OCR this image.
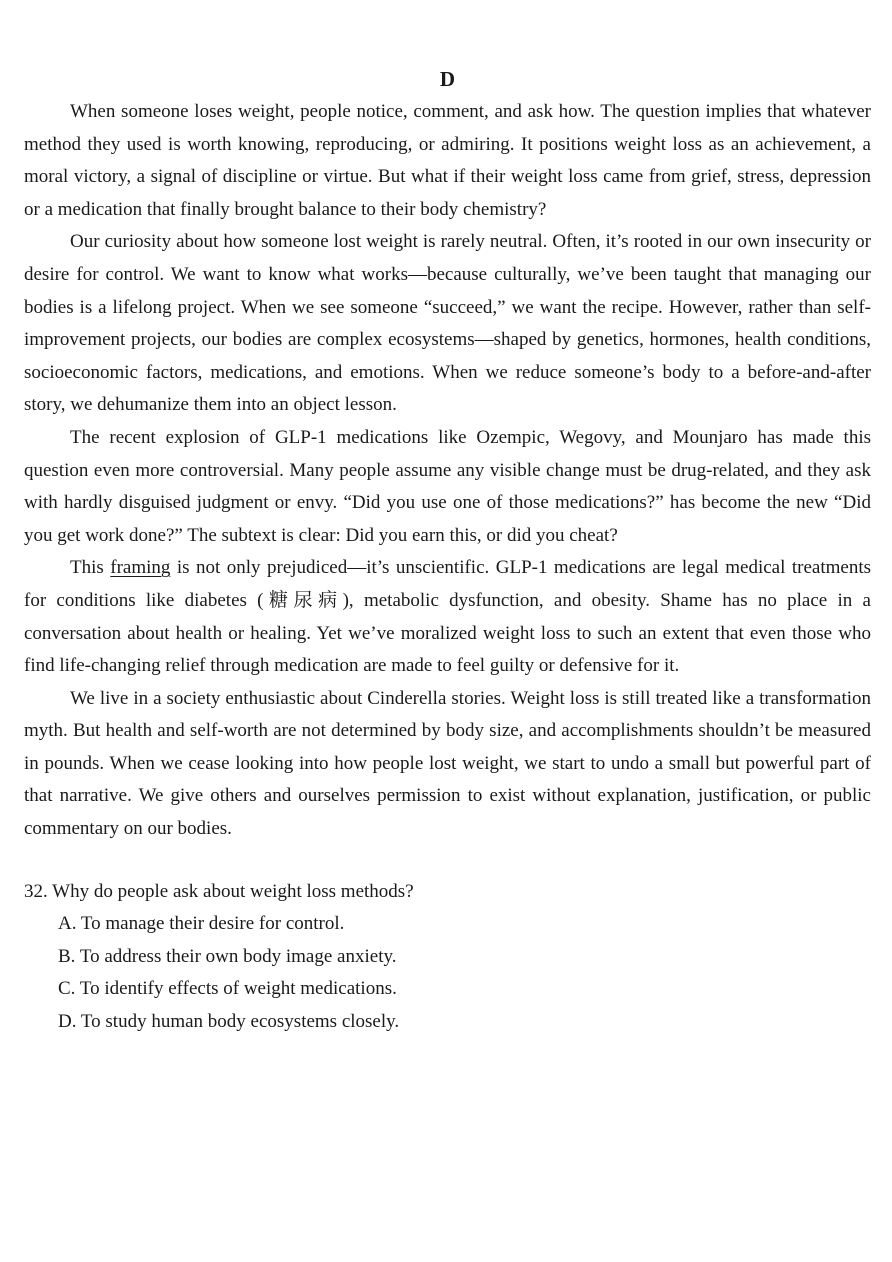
D

When someone loses weight, people notice, comment, and ask how. The question implies that whatever method they used is worth knowing, reproducing, or admiring. It positions weight loss as an achievement, a moral victory, a signal of discipline or virtue. But what if their weight loss came from grief, stress, depression or a medication that finally brought balance to their body chemistry?

Our curiosity about how someone lost weight is rarely neutral. Often, it’s rooted in our own insecurity or desire for control. We want to know what works—because culturally, we’ve been taught that managing our bodies is a lifelong project. When we see someone “succeed,” we want the recipe. However, rather than self-improvement projects, our bodies are complex ecosystems—shaped by genetics, hormones, health conditions, socioeconomic factors, medications, and emotions. When we reduce someone’s body to a before-and-after story, we dehumanize them into an object lesson.

The recent explosion of GLP-1 medications like Ozempic, Wegovy, and Mounjaro has made this question even more controversial. Many people assume any visible change must be drug-related, and they ask with hardly disguised judgment or envy. “Did you use one of those medications?” has become the new “Did you get work done?” The subtext is clear: Did you earn this, or did you cheat?

This framing is not only prejudiced—it’s unscientific. GLP-1 medications are legal medical treatments for conditions like diabetes (糖尿病), metabolic dysfunction, and obesity. Shame has no place in a conversation about health or healing. Yet we’ve moralized weight loss to such an extent that even those who find life-changing relief through medication are made to feel guilty or defensive for it.

We live in a society enthusiastic about Cinderella stories. Weight loss is still treated like a transformation myth. But health and self-worth are not determined by body size, and accomplishments shouldn’t be measured in pounds. When we cease looking into how people lost weight, we start to undo a small but powerful part of that narrative. We give others and ourselves permission to exist without explanation, justification, or public commentary on our bodies.

32. Why do people ask about weight loss methods?

A. To manage their desire for control.
B. To address their own body image anxiety.
C. To identify effects of weight medications.
D. To study human body ecosystems closely.
